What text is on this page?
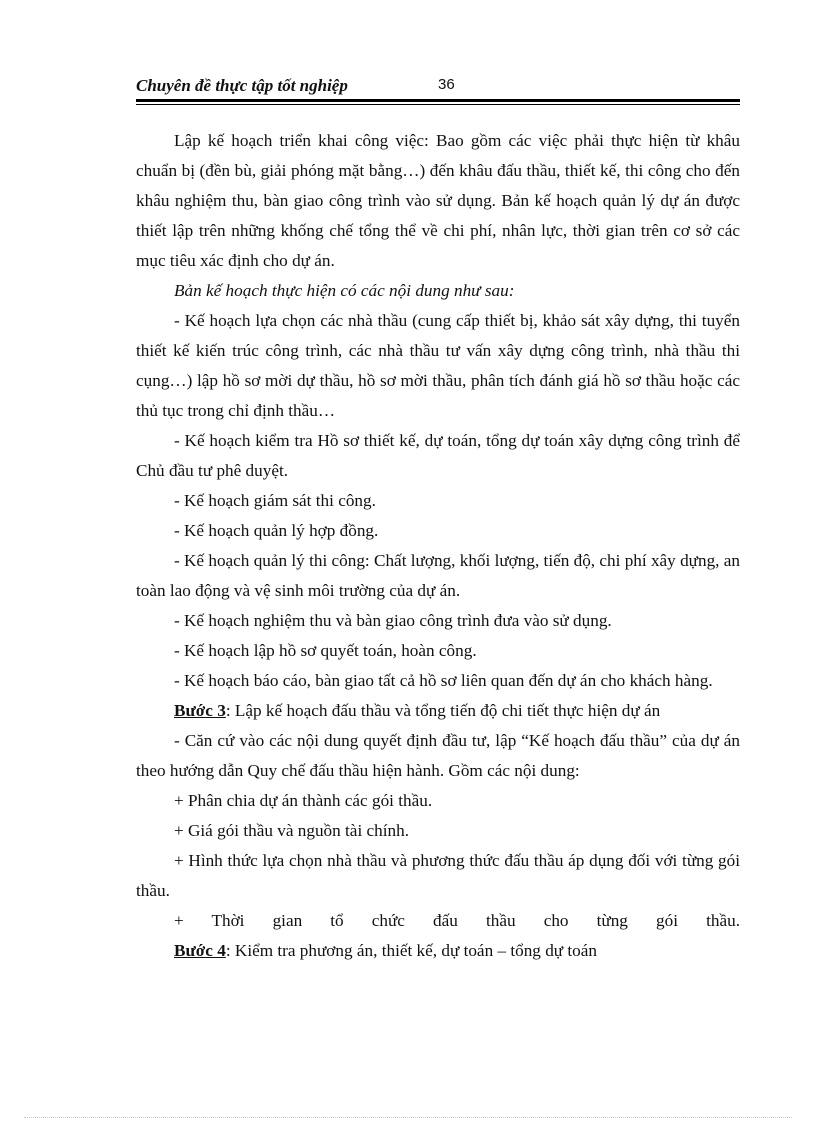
Chuyên đề thực tập tốt nghiệp	36

Lập kế hoạch triển khai công việc: Bao gồm các việc phải thực hiện từ khâu chuẩn bị (đền bù, giải phóng mặt bằng…) đến khâu đấu thầu, thiết kế, thi công cho đến khâu nghiệm thu, bàn giao công trình vào sử dụng. Bản kế hoạch quản lý dự án được thiết lập trên những khống chế tổng thể về chi phí, nhân lực, thời gian trên cơ sở các mục tiêu xác định cho dự án.

Bản kế hoạch thực hiện có các nội dung như sau:

- Kế hoạch lựa chọn các nhà thầu (cung cấp thiết bị, khảo sát xây dựng, thi tuyển thiết kế kiến trúc công trình, các nhà thầu tư vấn xây dựng công trình, nhà thầu thi cụng…) lập hồ sơ mời dự thầu, hồ sơ mời thầu, phân tích đánh giá hồ sơ thầu hoặc các thủ tục trong chỉ định thầu…

- Kế hoạch kiểm tra Hồ sơ thiết kế, dự toán, tổng dự toán xây dựng công trình để Chủ đầu tư phê duyệt.

- Kế hoạch giám sát thi công.

- Kế hoạch quản lý hợp đồng.

- Kế hoạch quản lý thi công: Chất lượng, khối lượng, tiến độ, chi phí xây dựng, an toàn lao động và vệ sinh môi trường của dự án.

- Kế hoạch nghiệm thu và bàn giao công trình đưa vào sử dụng.

- Kế hoạch lập hồ sơ quyết toán, hoàn công.

- Kế hoạch báo cáo, bàn giao tất cả hồ sơ liên quan đến dự án cho khách hàng.

Bước 3: Lập kế hoạch đấu thầu và tổng tiến độ chi tiết thực hiện dự án

- Căn cứ vào các nội dung quyết định đầu tư, lập “Kế hoạch đấu thầu” của dự án theo hướng dẫn Quy chế đấu thầu hiện hành. Gồm các nội dung:

+ Phân chia dự án thành các gói thầu.

+ Giá gói thầu và nguồn tài chính.

+ Hình thức lựa chọn nhà thầu và phương thức đấu thầu áp dụng đối với từng gói thầu.

+ Thời gian tổ chức đấu thầu cho từng gói thầu.

Bước 4: Kiểm tra phương án, thiết kế, dự toán – tổng dự toán
